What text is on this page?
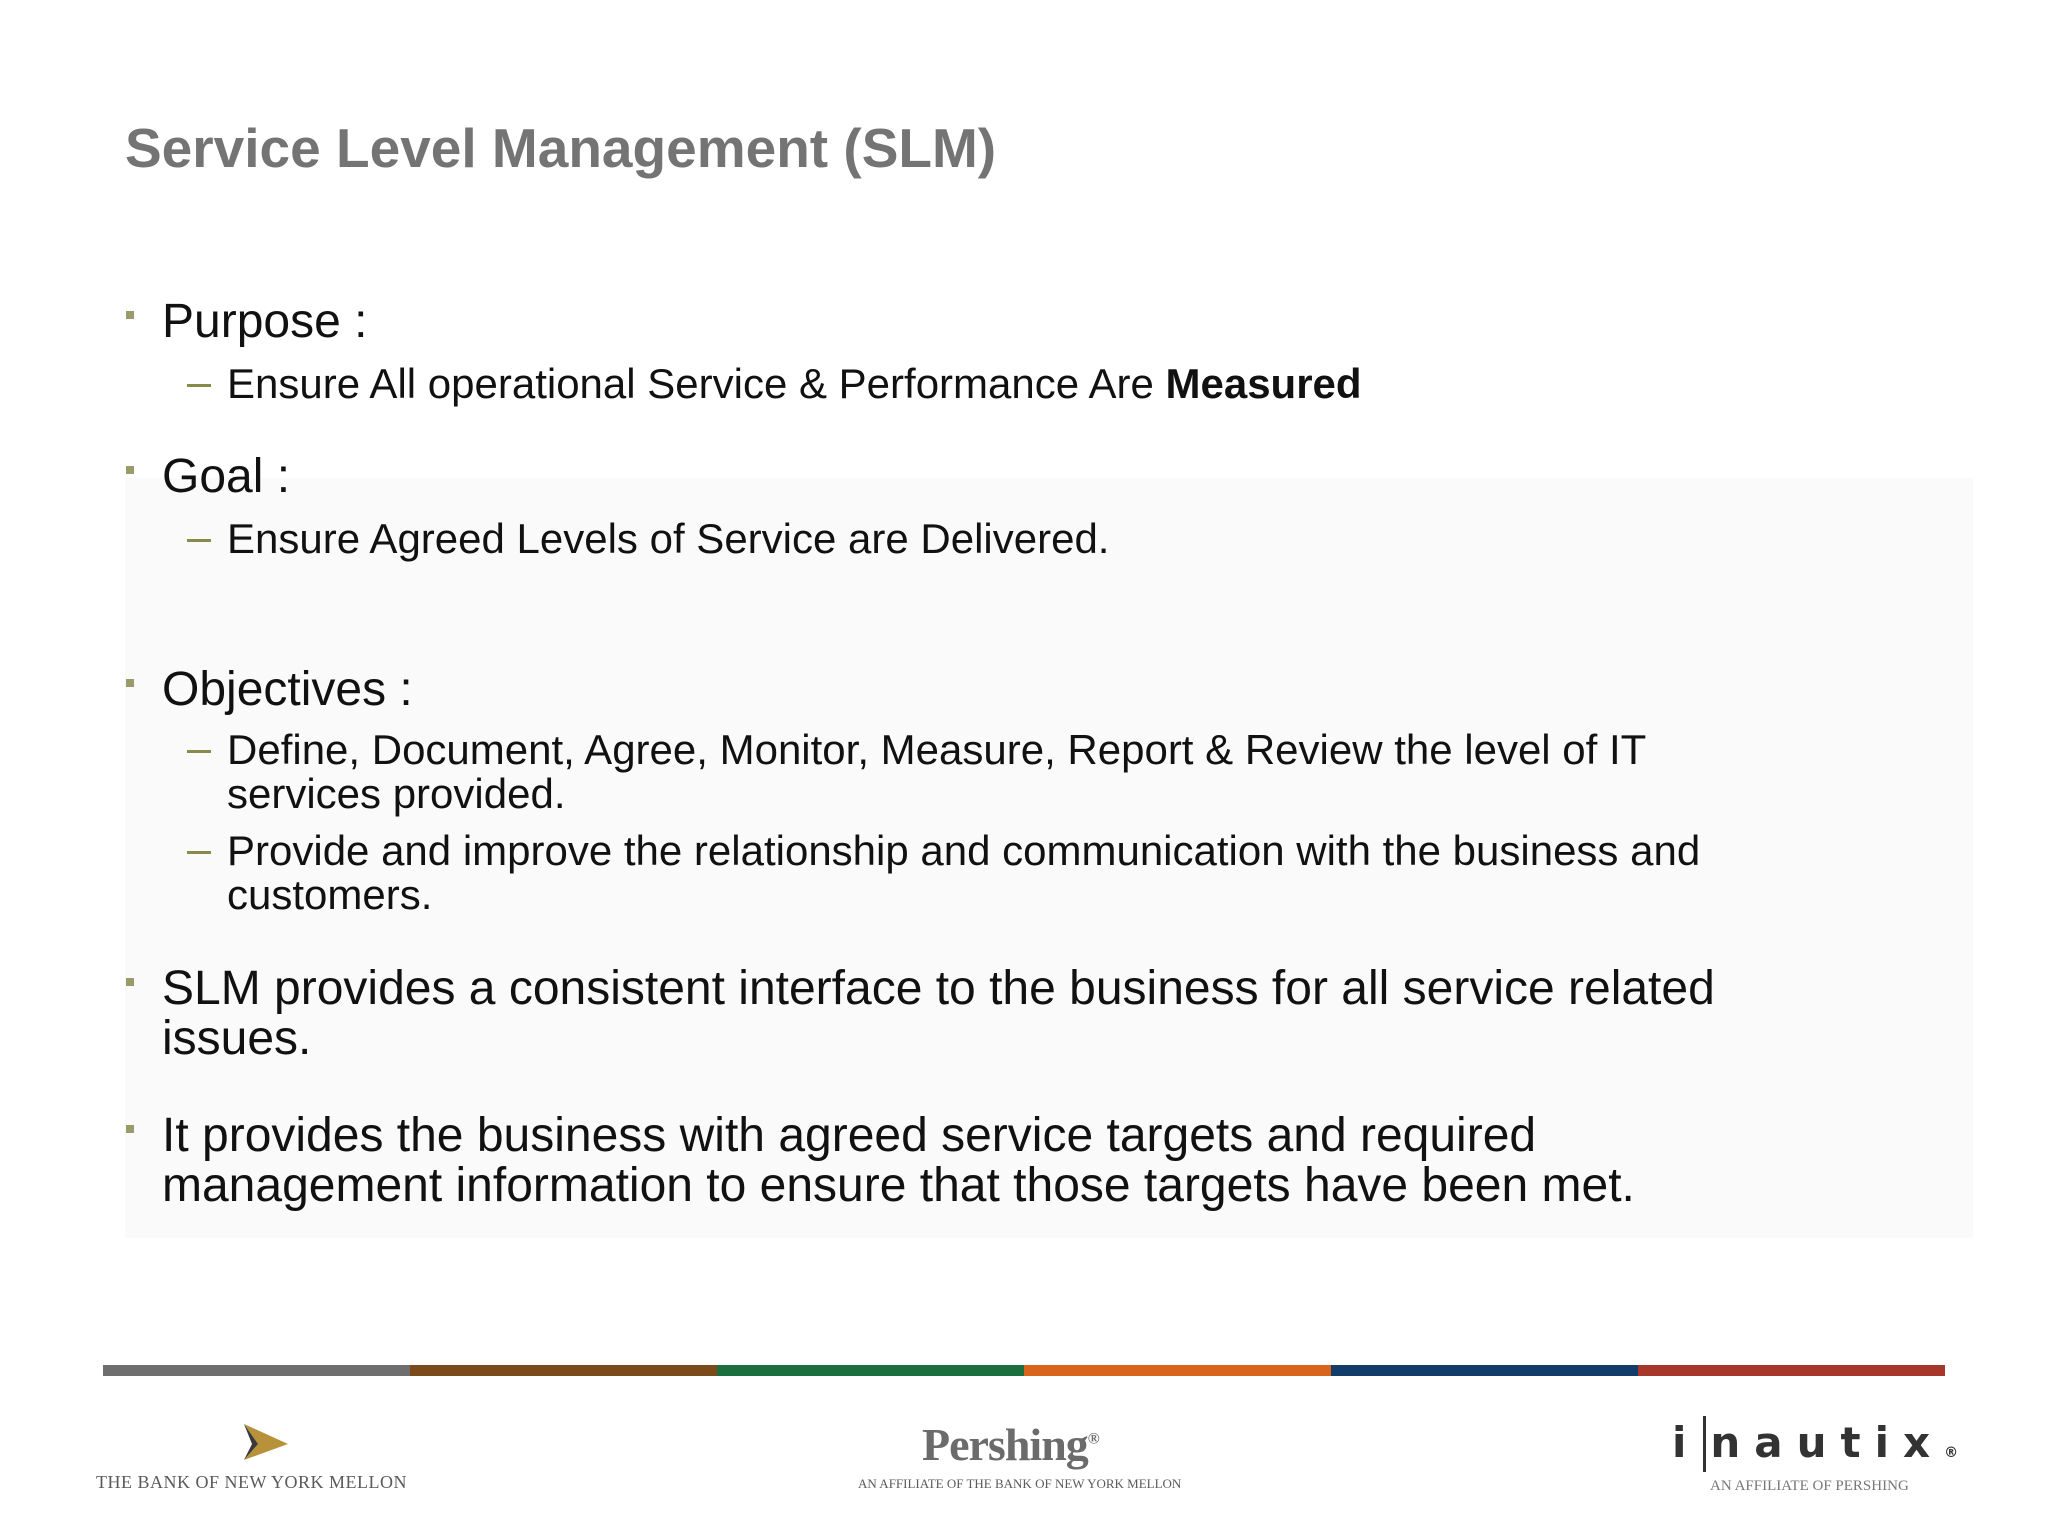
Service Level Management (SLM)
Purpose :
Ensure All operational Service & Performance Are Measured
Goal :
Ensure Agreed Levels of Service are Delivered.
Objectives :
Define, Document, Agree, Monitor, Measure, Report & Review the level of IT
services provided.
Provide and improve the relationship and communication with the business and
customers.
SLM provides a consistent interface to the business for all service related
issues.
It provides the business with agreed service targets and required
management information to ensure that those targets have been met.
THE BANK OF NEW YORK MELLON
Pershing®
AN AFFILIATE OF THE BANK OF NEW YORK MELLON
i nautix®
AN AFFILIATE OF PERSHING
